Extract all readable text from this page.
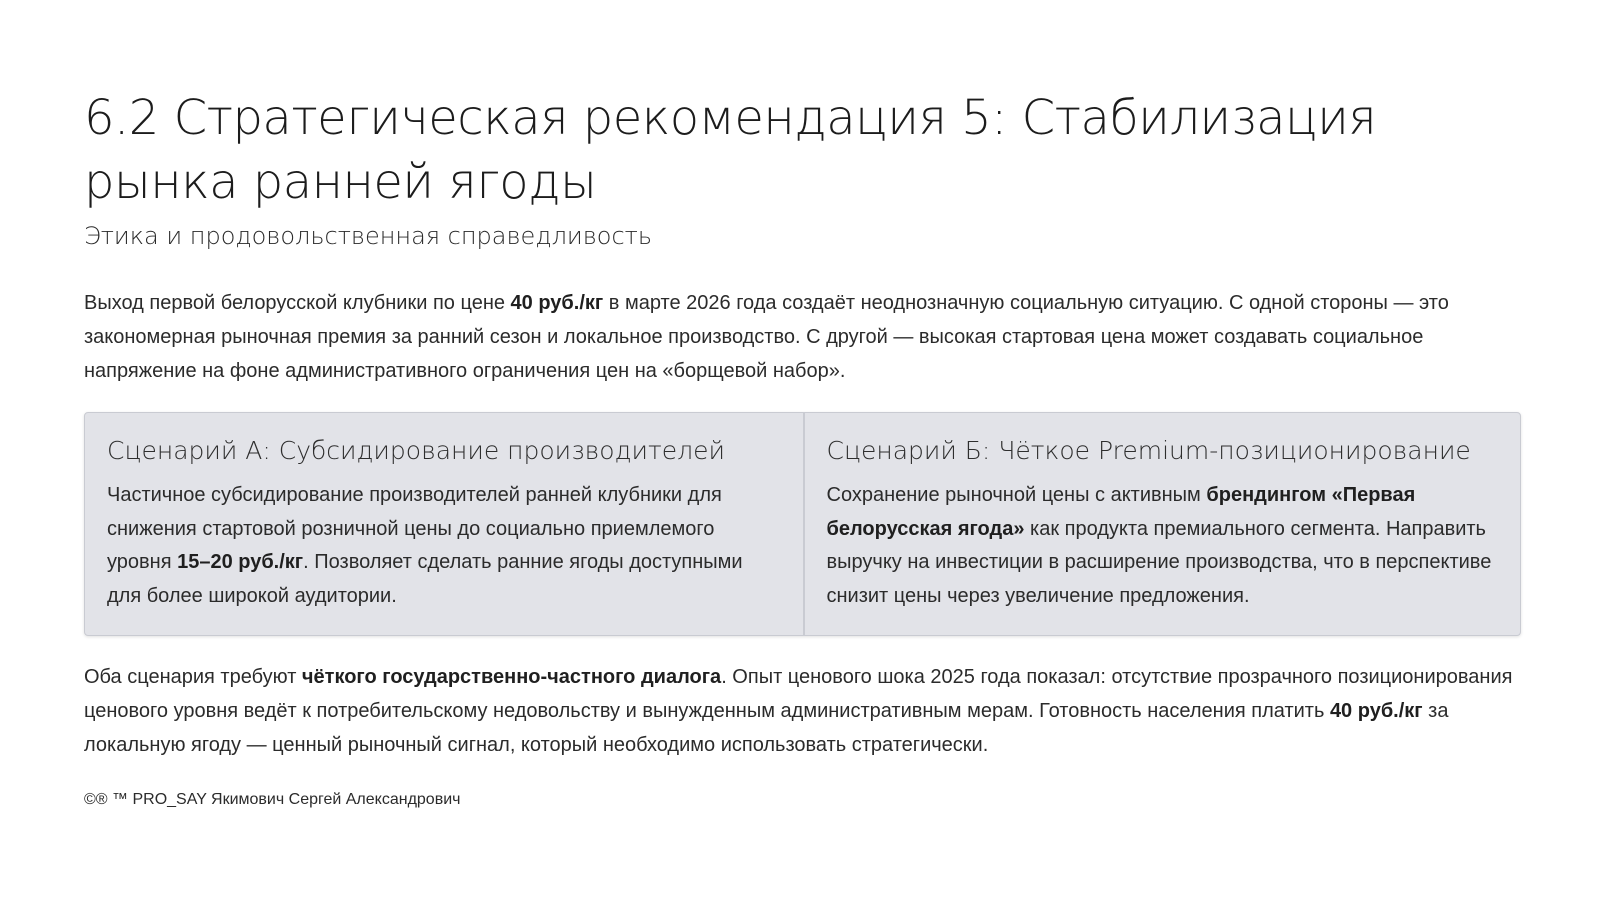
6.2 Стратегическая рекомендация 5: Стабилизация рынка ранней ягоды
Этика и продовольственная справедливость

Выход первой белорусской клубники по цене 40 руб./кг в марте 2026 года создаёт неоднозначную социальную ситуацию. С одной стороны — это закономерная рыночная премия за ранний сезон и локальное производство. С другой — высокая стартовая цена может создавать социальное напряжение на фоне административного ограничения цен на «борщевой набор».

Сценарий А: Субсидирование производителей

Частичное субсидирование производителей ранней клубники для снижения стартовой розничной цены до социально приемлемого уровня 15–20 руб./кг. Позволяет сделать ранние ягоды доступными для более широкой аудитории.

Сценарий Б: Чёткое Premium-позиционирование

Сохранение рыночной цены с активным брендингом «Первая белорусская ягода» как продукта премиального сегмента. Направить выручку на инвестиции в расширение производства, что в перспективе снизит цены через увеличение предложения.

Оба сценария требуют чёткого государственно-частного диалога. Опыт ценового шока 2025 года показал: отсутствие прозрачного позиционирования ценового уровня ведёт к потребительскому недовольству и вынужденным административным мерам. Готовность населения платить 40 руб./кг за локальную ягоду — ценный рыночный сигнал, который необходимо использовать стратегически.

©® ™ PRO_SAY Якимович Сергей Александрович
